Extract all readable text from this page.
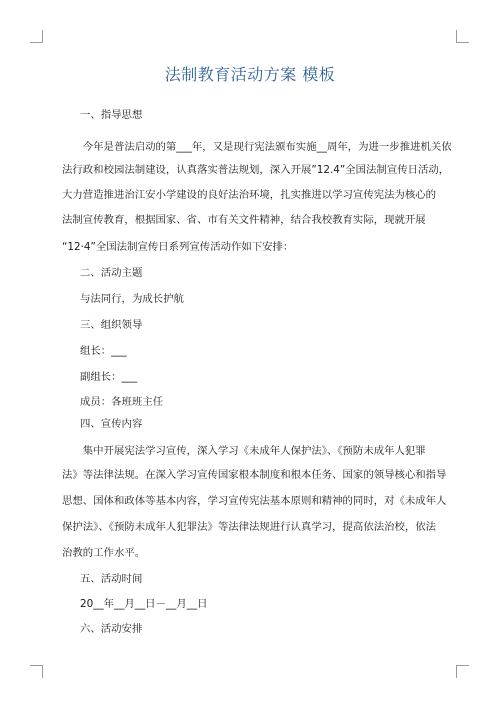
法制教育活动方案 模板
一、指导思想
　　今年是普法启动的第___年，又是现行宪法颁布实施__周年，为进一步推进机关依
法行政和校园法制建设，认真落实普法规划，深入开展”12.4”全国法制宣传日活动，
大力营造推进治江安小学建设的良好法治环境，扎实推进以学习宣传宪法为核心的
法制宣传教育，根据国家、省、市有关文件精神，结合我校教育实际，现就开展
“12·4”全国法制宣传日系列宣传活动作如下安排：
二、活动主题
与法同行，为成长护航
三、组织领导
组长：___
副组长：___
成员：各班班主任
四、宣传内容
　　集中开展宪法学习宣传，深入学习《未成年人保护法》、《预防未成年人犯罪
法》等法律法规。在深入学习宣传国家根本制度和根本任务、国家的领导核心和指导
思想、国体和政体等基本内容，学习宣传宪法基本原则和精神的同时，对《未成年人
保护法》、《预防未成年人犯罪法》等法律法规进行认真学习，提高依法治校，依法
治教的工作水平。
五、活动时间
20__年__月__日－__月__日
六、活动安排
